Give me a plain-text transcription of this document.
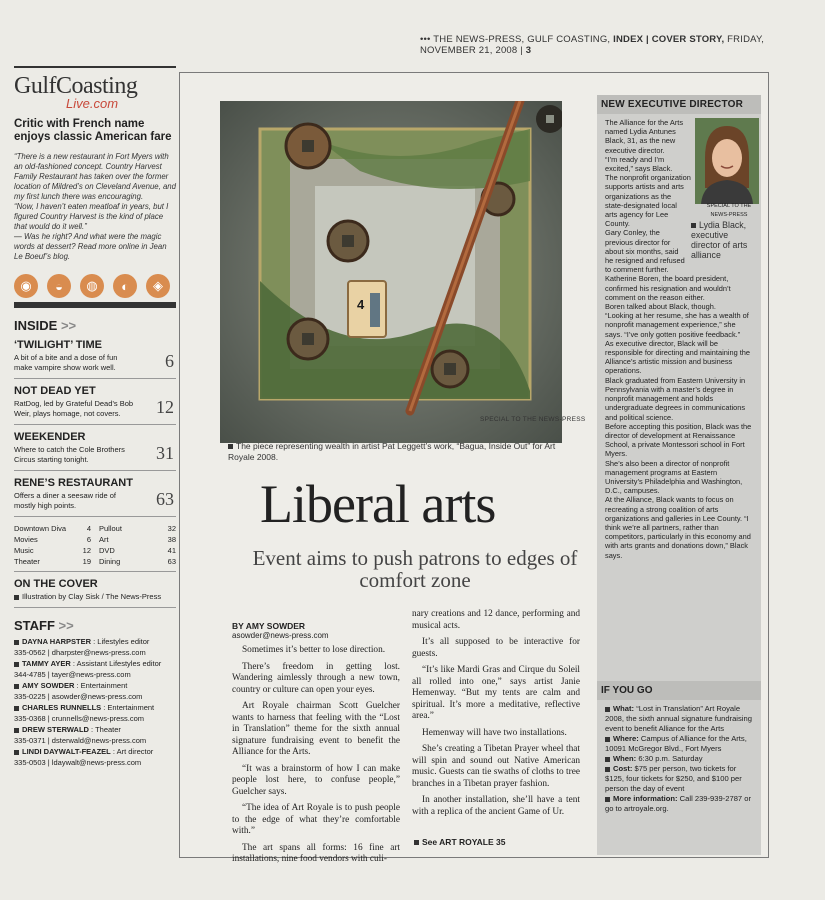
••• THE NEWS-PRESS, GULF COASTING, INDEX | COVER STORY, FRIDAY, NOVEMBER 21, 2008 | 3
GulfCoasting
Live.com
Critic with French name enjoys classic American fare

“There is a new restaurant in Fort Myers with an old-fashioned concept. Country Harvest Family Restaurant has taken over the former location of Mildred’s on Cleveland Avenue, and my first lunch there was encouraging.

“Now, I haven’t eaten meatloaf in years, but I figured Country Harvest is the kind of place that would do it well.”

— Was he right? And what were the magic words at dessert? Read more online in Jean Le Boeuf’s blog.

◉	◒	◍	◐	◈
INSIDE >>
‘TWILIGHT’ TIME
A bit of a bite and a dose of fun make vampire show work well.	6
NOT DEAD YET
RatDog, led by Grateful Dead’s Bob Weir, plays homage, not covers.	12
WEEKENDER
Where to catch the Cole Brothers Circus starting tonight.	31
RENE’S RESTAURANT
Offers a diner a seesaw ride of mostly high points.	63
Downtown Diva	4 Pullout	32
Movies	6 Art	38
Music	12 DVD	41
Theater	19 Dining	63
ON THE COVER
Illustration by Clay Sisk / The News-Press
STAFF >>
DAYNA HARPSTER : Lifestyles editor
335-0562 | dharpster@news-press.com
TAMMY AYER : Assistant Lifestyles editor
344-4785 | tayer@news-press.com
AMY SOWDER : Entertainment
335-0225 | asowder@news-press.com
CHARLES RUNNELLS : Entertainment
335-0368 | crunnells@news-press.com
DREW STERWALD : Theater
335-0371 | dsterwald@news-press.com
LINDI DAYWALT-FEAZEL : Art director
335-0503 | ldaywalt@news-press.com
4
SPECIAL TO THE NEWS-PRESS
The piece representing wealth in artist Pat Leggett’s work, “Bagua, Inside Out” for Art Royale 2008.
Liberal arts
Event aims to push patrons to edges of comfort zone
BY AMY SOWDER
asowder@news-press.com

Sometimes it’s better to lose direction.

There’s freedom in getting lost. Wandering aimlessly through a new town, country or culture can open your eyes.

Art Royale chairman Scott Guelcher wants to harness that feeling with the “Lost in Translation” theme for the sixth annual signature fundraising event to benefit the Alliance for the Arts.

“It was a brainstorm of how I can make people lost here, to confuse people,” Guelcher says.

“The idea of Art Royale is to push people to the edge of what they’re comfortable with.”

The art spans all forms: 16 fine art installations, nine food vendors with culi-

nary creations and 12 dance, performing and musical acts.

It’s all supposed to be interactive for guests.

“It’s like Mardi Gras and Cirque du Soleil all rolled into one,” says artist Janie Hemenway. “But my tents are calm and spiritual. It’s more a meditative, reflective area.”

Hemenway will have two installations.

She’s creating a Tibetan Prayer wheel that will spin and sound out Native American music. Guests can tie swaths of cloths to tree branches in a Tibetan prayer fashion.

In another installation, she’ll have a tent with a replica of the ancient Game of Ur.

See ART ROYALE 35
NEW EXECUTIVE DIRECTOR
SPECIAL TO THE NEWS-PRESS
Lydia Black, executive director of arts alliance

The Alliance for the Arts named Lydia Antunes Black, 31, as the new executive director.

“I’m ready and I’m excited,” says Black.

The nonprofit organization supports artists and arts organizations as the state-designated local arts agency for Lee County.

Gary Conley, the previous director for about six months, said he resigned and refused to comment further.

Katherine Boren, the board president, confirmed his resignation and wouldn’t comment on the reason either.

Boren talked about Black, though.

“Looking at her resume, she has a wealth of nonprofit management experience,” she says. “I’ve only gotten positive feedback.”

As executive director, Black will be responsible for directing and maintaining the Alliance’s artistic mission and business operations.

Black graduated from Eastern University in Pennsylvania with a master’s degree in nonprofit management and holds undergraduate degrees in communications and political science.

Before accepting this position, Black was the director of development at Renaissance School, a private Montessori school in Fort Myers.

She’s also been a director of nonprofit management programs at Eastern University’s Philadelphia and Washington, D.C., campuses.

At the Alliance, Black wants to focus on recreating a strong coalition of arts organizations and galleries in Lee County. “I think we’re all partners, rather than competitors, particularly in this economy and with arts grants and donations down,” Black says.

IF YOU GO

What: “Lost in Translation” Art Royale 2008, the sixth annual signature fundraising event to benefit Alliance for the Arts

Where: Campus of Alliance for the Arts, 10091 McGregor Blvd., Fort Myers

When: 6:30 p.m. Saturday

Cost: $75 per person, two tickets for $125, four tickets for $250, and $100 per person the day of event

More information: Call 239-939-2787 or go to artroyale.org.
